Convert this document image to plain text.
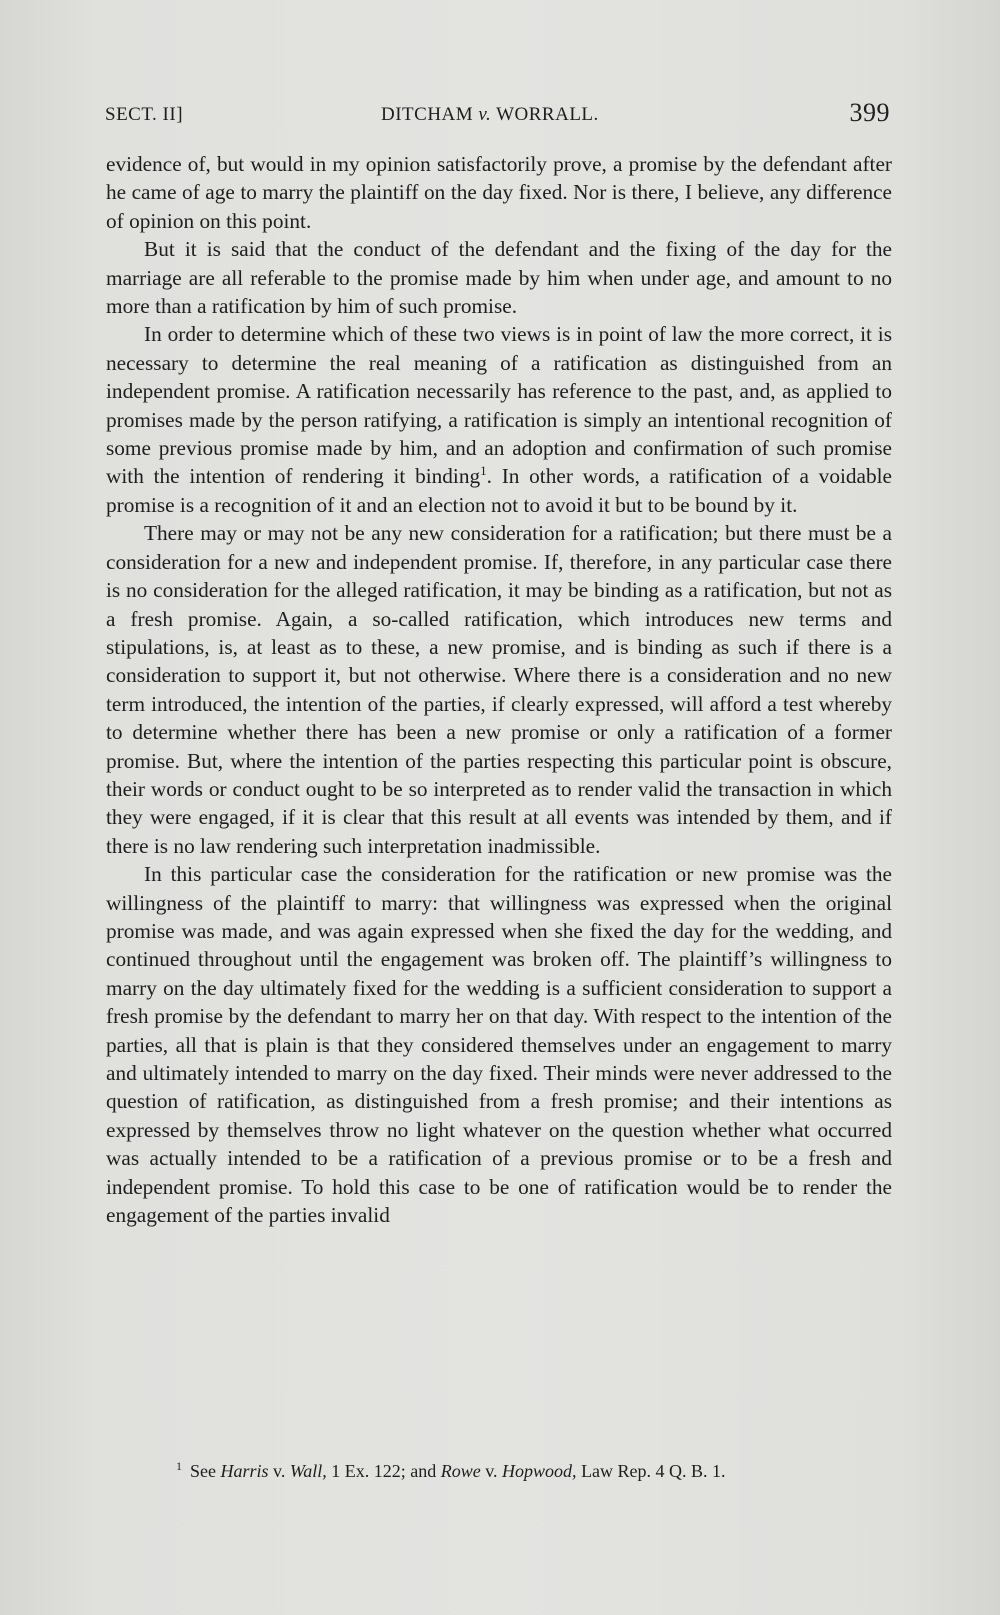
SECT. II]	DITCHAM v. WORRALL.	399

evidence of, but would in my opinion satisfactorily prove, a promise by the defendant after he came of age to marry the plaintiff on the day fixed. Nor is there, I believe, any difference of opinion on this point.

But it is said that the conduct of the defendant and the fixing of the day for the marriage are all referable to the promise made by him when under age, and amount to no more than a ratification by him of such promise.

In order to determine which of these two views is in point of law the more correct, it is necessary to determine the real meaning of a ratification as distinguished from an independent promise. A ratification necessarily has reference to the past, and, as applied to promises made by the person ratifying, a ratification is simply an intentional recognition of some previous promise made by him, and an adoption and confirmation of such promise with the intention of rendering it binding$^1$. In other words, a ratification of a voidable promise is a recognition of it and an election not to avoid it but to be bound by it.

There may or may not be any new consideration for a ratification; but there must be a consideration for a new and independent promise. If, therefore, in any particular case there is no consideration for the alleged ratification, it may be binding as a ratification, but not as a fresh promise. Again, a so-called ratification, which introduces new terms and stipulations, is, at least as to these, a new promise, and is binding as such if there is a consideration to support it, but not otherwise. Where there is a consideration and no new term introduced, the intention of the parties, if clearly expressed, will afford a test whereby to determine whether there has been a new promise or only a ratification of a former promise. But, where the intention of the parties respecting this particular point is obscure, their words or conduct ought to be so interpreted as to render valid the transaction in which they were engaged, if it is clear that this result at all events was intended by them, and if there is no law rendering such interpretation inadmissible.

In this particular case the consideration for the ratification or new promise was the willingness of the plaintiff to marry: that willingness was expressed when the original promise was made, and was again expressed when she fixed the day for the wedding, and continued throughout until the engagement was broken off. The plaintiff’s willingness to marry on the day ultimately fixed for the wedding is a sufficient consideration to support a fresh promise by the defendant to marry her on that day. With respect to the intention of the parties, all that is plain is that they considered themselves under an engagement to marry and ultimately intended to marry on the day fixed. Their minds were never addressed to the question of ratification, as distinguished from a fresh promise; and their intentions as expressed by themselves throw no light whatever on the question whether what occurred was actually intended to be a ratification of a previous promise or to be a fresh and independent promise. To hold this case to be one of ratification would be to render the engagement of the parties invalid

$^1$ See Harris v. Wall, 1 Ex. 122; and Rowe v. Hopwood, Law Rep. 4 Q. B. 1.
